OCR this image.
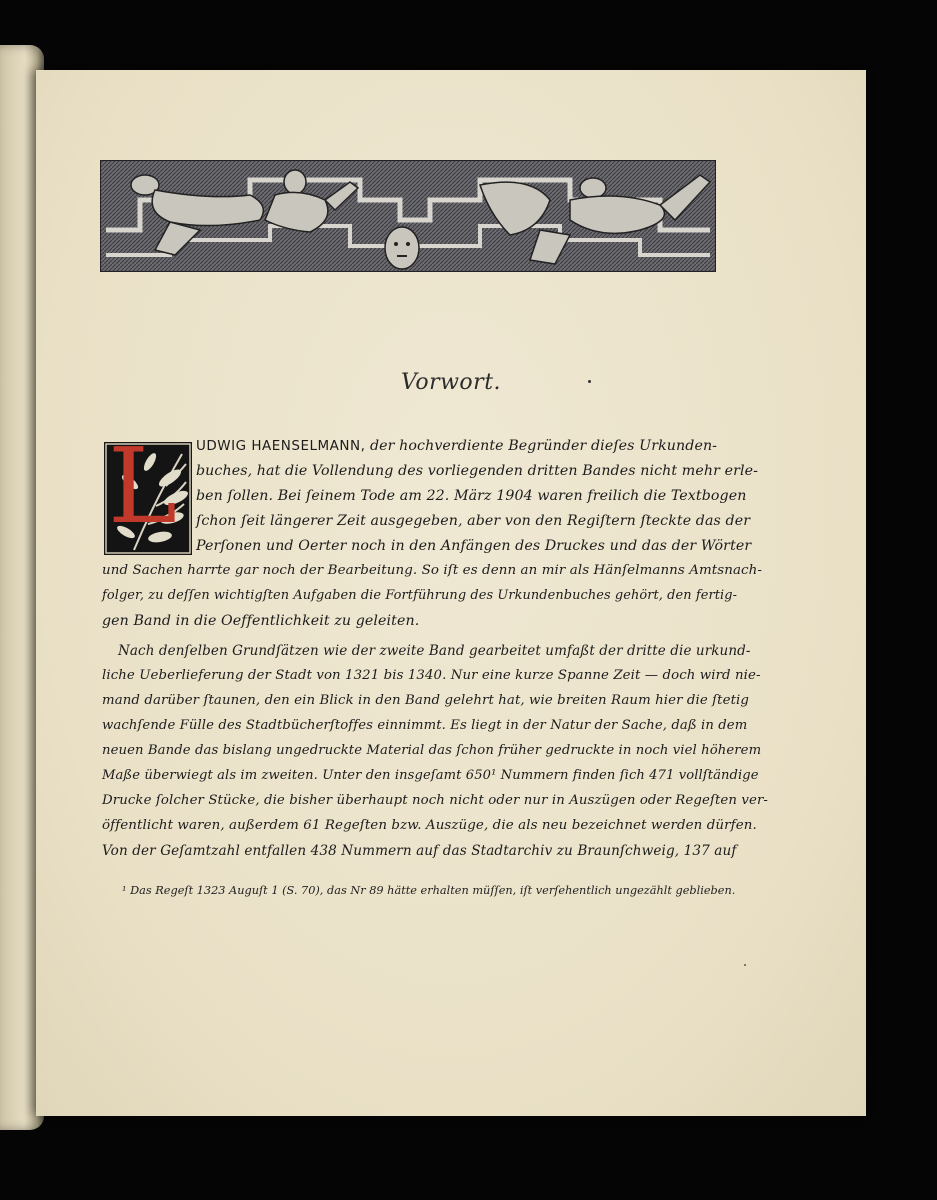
Vorwort.
L UDWIG HAENSELMANN, der hochverdiente Begründer dieſes Urkunden-
buches, hat die Vollendung des vorliegenden dritten Bandes nicht mehr erle-
ben ſollen. Bei ſeinem Tode am 22. März 1904 waren freilich die Textbogen
ſchon ſeit längerer Zeit ausgegeben, aber von den Regiſtern ſteckte das der
Perſonen und Oerter noch in den Anfängen des Druckes und das der Wörter
und Sachen harrte gar noch der Bearbeitung. So iſt es denn an mir als Hänſelmanns Amtsnach-
folger, zu deſſen wichtigſten Aufgaben die Fortführung des Urkundenbuches gehört, den fertig-
gen Band in die Oeffentlichkeit zu geleiten.
Nach denſelben Grundſätzen wie der zweite Band gearbeitet umfaßt der dritte die urkund-
liche Ueberlieferung der Stadt von 1321 bis 1340. Nur eine kurze Spanne Zeit — doch wird nie-
mand darüber ſtaunen, den ein Blick in den Band gelehrt hat, wie breiten Raum hier die ſtetig
wachſende Fülle des Stadtbücherſtoffes einnimmt. Es liegt in der Natur der Sache, daß in dem
neuen Bande das bislang ungedruckte Material das ſchon früher gedruckte in noch viel höherem
Maße überwiegt als im zweiten. Unter den insgeſamt 650¹ Nummern finden ſich 471 vollſtändige
Drucke ſolcher Stücke, die bisher überhaupt noch nicht oder nur in Auszügen oder Regeſten ver-
öffentlicht waren, außerdem 61 Regeſten bzw. Auszüge, die als neu bezeichnet werden dürfen.
Von der Geſamtzahl entfallen 438 Nummern auf das Stadtarchiv zu Braunſchweig, 137 auf
¹ Das Regeſt 1323 Auguſt 1 (S. 70), das Nr 89 hätte erhalten müſſen, iſt verſehentlich ungezählt geblieben.
